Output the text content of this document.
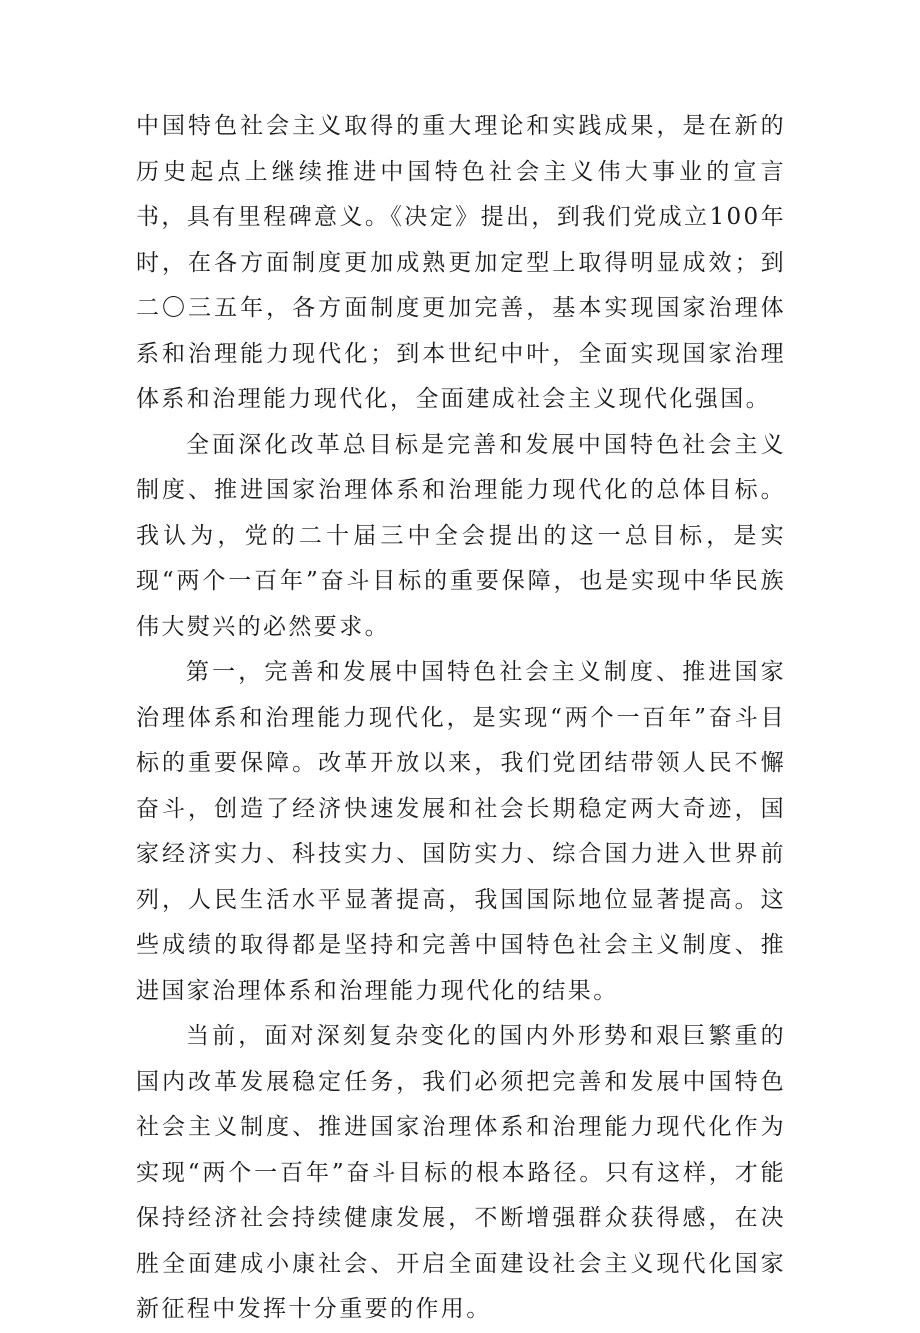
中国特色社会主义取得的重大理论和实践成果，是在新的历史起点上继续推进中国特色社会主义伟大事业的宣言书，具有里程碑意义。《决定》提出，到我们党成立100年时，在各方面制度更加成熟更加定型上取得明显成效；到二〇三五年，各方面制度更加完善，基本实现国家治理体系和治理能力现代化；到本世纪中叶，全面实现国家治理体系和治理能力现代化，全面建成社会主义现代化强国。

全面深化改革总目标是完善和发展中国特色社会主义制度、推进国家治理体系和治理能力现代化的总体目标。我认为，党的二十届三中全会提出的这一总目标，是实现“两个一百年”奋斗目标的重要保障，也是实现中华民族伟大熨兴的必然要求。

第一，完善和发展中国特色社会主义制度、推进国家治理体系和治理能力现代化，是实现“两个一百年”奋斗目标的重要保障。改革开放以来，我们党团结带领人民不懈奋斗，创造了经济快速发展和社会长期稳定两大奇迹，国家经济实力、科技实力、国防实力、综合国力进入世界前列，人民生活水平显著提高，我国国际地位显著提高。这些成绩的取得都是坚持和完善中国特色社会主义制度、推进国家治理体系和治理能力现代化的结果。

当前，面对深刻复杂变化的国内外形势和艰巨繁重的国内改革发展稳定任务，我们必须把完善和发展中国特色社会主义制度、推进国家治理体系和治理能力现代化作为实现“两个一百年”奋斗目标的根本路径。只有这样，才能保持经济社会持续健康发展，不断增强群众获得感，在决胜全面建成小康社会、开启全面建设社会主义现代化国家新征程中发挥十分重要的作用。
